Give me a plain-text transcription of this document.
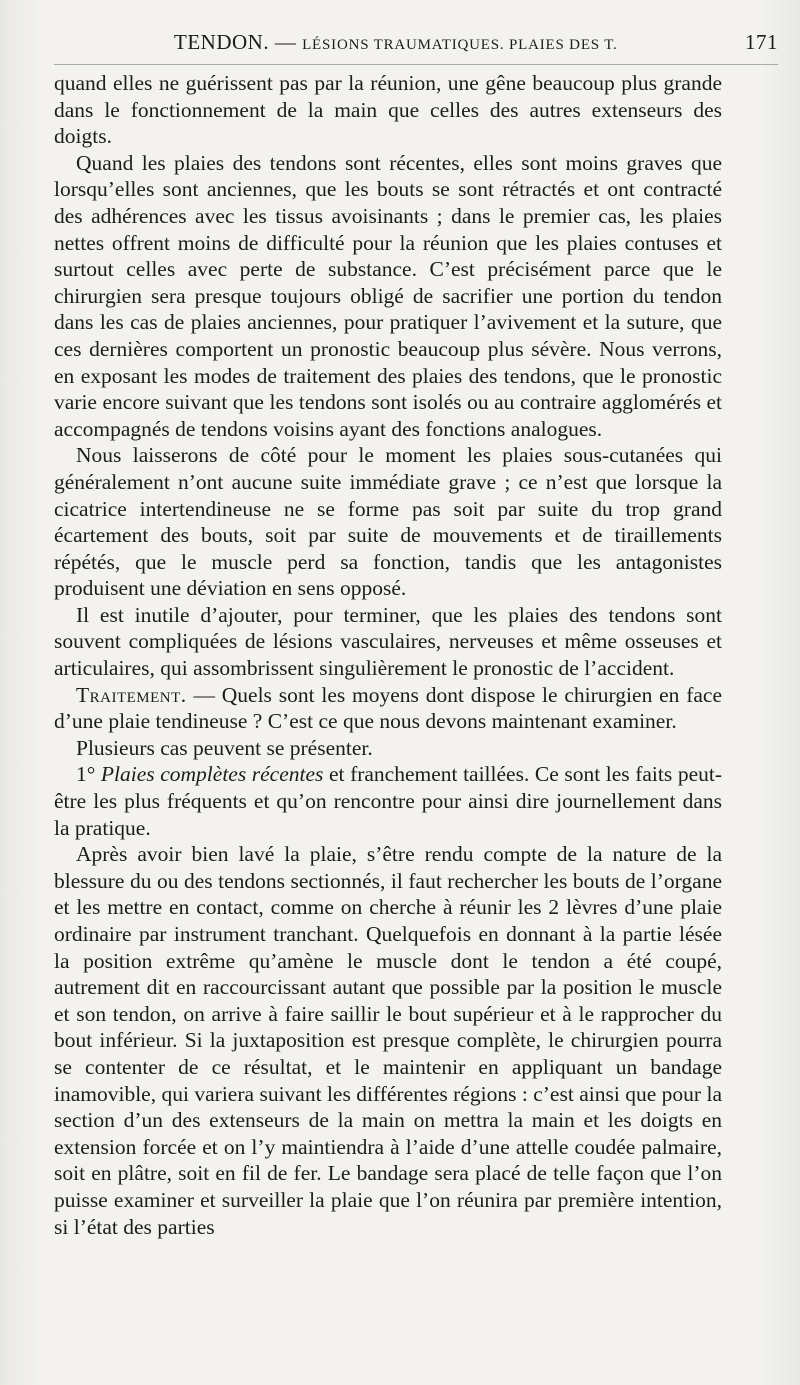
TENDON. — LÉSIONS TRAUMATIQUES. PLAIES DES T.	171

quand elles ne guérissent pas par la réunion, une gêne beaucoup plus grande dans le fonctionnement de la main que celles des autres extenseurs des doigts.

Quand les plaies des tendons sont récentes, elles sont moins graves que lorsqu’elles sont anciennes, que les bouts se sont rétractés et ont contracté des adhérences avec les tissus avoisinants ; dans le premier cas, les plaies nettes offrent moins de difficulté pour la réunion que les plaies contuses et surtout celles avec perte de substance. C’est précisément parce que le chirurgien sera presque toujours obligé de sacrifier une portion du tendon dans les cas de plaies anciennes, pour pratiquer l’avivement et la suture, que ces dernières comportent un pronostic beaucoup plus sévère. Nous verrons, en exposant les modes de traitement des plaies des tendons, que le pronostic varie encore suivant que les tendons sont isolés ou au contraire agglomérés et accompagnés de tendons voisins ayant des fonctions analogues.

Nous laisserons de côté pour le moment les plaies sous-cutanées qui généralement n’ont aucune suite immédiate grave ; ce n’est que lorsque la cicatrice intertendineuse ne se forme pas soit par suite du trop grand écartement des bouts, soit par suite de mouvements et de tiraillements répétés, que le muscle perd sa fonction, tandis que les antagonistes produisent une déviation en sens opposé.

Il est inutile d’ajouter, pour terminer, que les plaies des tendons sont souvent compliquées de lésions vasculaires, nerveuses et même osseuses et articulaires, qui assombrissent singulièrement le pronostic de l’accident.

Traitement. — Quels sont les moyens dont dispose le chirurgien en face d’une plaie tendineuse ? C’est ce que nous devons maintenant examiner.

Plusieurs cas peuvent se présenter.

1° Plaies complètes récentes et franchement taillées. Ce sont les faits peut-être les plus fréquents et qu’on rencontre pour ainsi dire journellement dans la pratique.

Après avoir bien lavé la plaie, s’être rendu compte de la nature de la blessure du ou des tendons sectionnés, il faut rechercher les bouts de l’organe et les mettre en contact, comme on cherche à réunir les 2 lèvres d’une plaie ordinaire par instrument tranchant. Quelquefois en donnant à la partie lésée la position extrême qu’amène le muscle dont le tendon a été coupé, autrement dit en raccourcissant autant que possible par la position le muscle et son tendon, on arrive à faire saillir le bout supérieur et à le rapprocher du bout inférieur. Si la juxtaposition est presque complète, le chirurgien pourra se contenter de ce résultat, et le maintenir en appliquant un bandage inamovible, qui variera suivant les différentes régions : c’est ainsi que pour la section d’un des extenseurs de la main on mettra la main et les doigts en extension forcée et on l’y maintiendra à l’aide d’une attelle coudée palmaire, soit en plâtre, soit en fil de fer. Le bandage sera placé de telle façon que l’on puisse examiner et surveiller la plaie que l’on réunira par première intention, si l’état des parties
